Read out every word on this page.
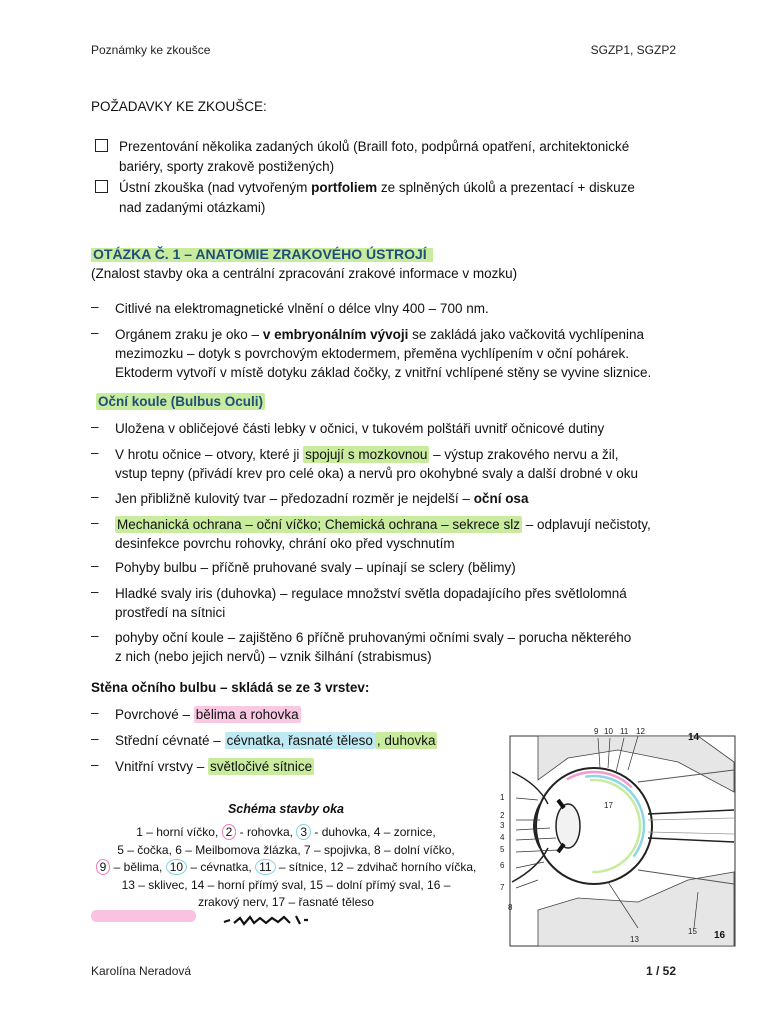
Poznámky ke zkoušce	SGZP1, SGZP2
POŽADAVKY KE ZKOUŠCE:
Prezentování několika zadaných úkolů (Braill foto, podpůrná opatření, architektonické
bariéry, sporty zrakově postižených)
Ústní zkouška (nad vytvořeným portfoliem ze splněných úkolů a prezentací + diskuze
nad zadanými otázkami)
OTÁZKA Č. 1 – ANATOMIE ZRAKOVÉHO ÚSTROJÍ
(Znalost stavby oka a centrální zpracování zrakové informace v mozku)
– Citlivé na elektromagnetické vlnění o délce vlny 400 – 700 nm.
– Orgánem zraku je oko – v embryonálním vývoji se zakládá jako vačkovitá vychlípenina
mezimozku – dotyk s povrchovým ektodermem, přeměna vychlípením v oční pohárek.
Ektoderm vytvoří v místě dotyku základ čočky, z vnitřní vchlípené stěny se vyvine sliznice.
Oční koule (Bulbus Oculi)
– Uložena v obličejové části lebky v očnici, v tukovém polštáři uvnitř očnicové dutiny
– V hrotu očnice – otvory, které ji spojují s mozkovnou – výstup zrakového nervu a žil,
vstup tepny (přivádí krev pro celé oka) a nervů pro okohybné svaly a další drobné v oku
– Jen přibližně kulovitý tvar – předozadní rozměr je nejdelší – oční osa
– Mechanická ochrana – oční víčko; Chemická ochrana – sekrece slz – odplavují nečistoty,
desinfekce povrchu rohovky, chrání oko před vyschnutím
– Pohyby bulbu – příčně pruhované svaly – upínají se sclery (bělimy)
– Hladké svaly iris (duhovka) – regulace množství světla dopadajícího přes světlolomná
prostředí na sítnici
– pohyby oční koule – zajištěno 6 příčně pruhovanými očními svaly – porucha některého
z nich (nebo jejich nervů) – vznik šilhání (strabismus)
Stěna očního bulbu – skládá se ze 3 vrstev:
– Povrchové – bělima a rohovka
– Střední cévnaté – cévnatka, řasnaté těleso , duhovka
– Vnitřní vrstvy – světločivé sítnice
Schéma stavby oka
1 – horní víčko, 2 - rohovka, 3 - duhovka, 4 – zornice,
5 – čočka, 6 – Meilbomova žlázka, 7 – spojivka, 8 – dolní víčko,
9 – bělima, 10 – cévnatka, 11 – sítnice, 12 – zdvihač horního víčka,
13 – sklivec, 14 – horní přímý sval, 15 – dolní přímý sval, 16 –
zrakový nerv, 17 – řasnaté těleso
1
2
3
4
5
6
7
8
9 10 11 12
13
14
15 16
17
Karolína Neradová	1 / 52
